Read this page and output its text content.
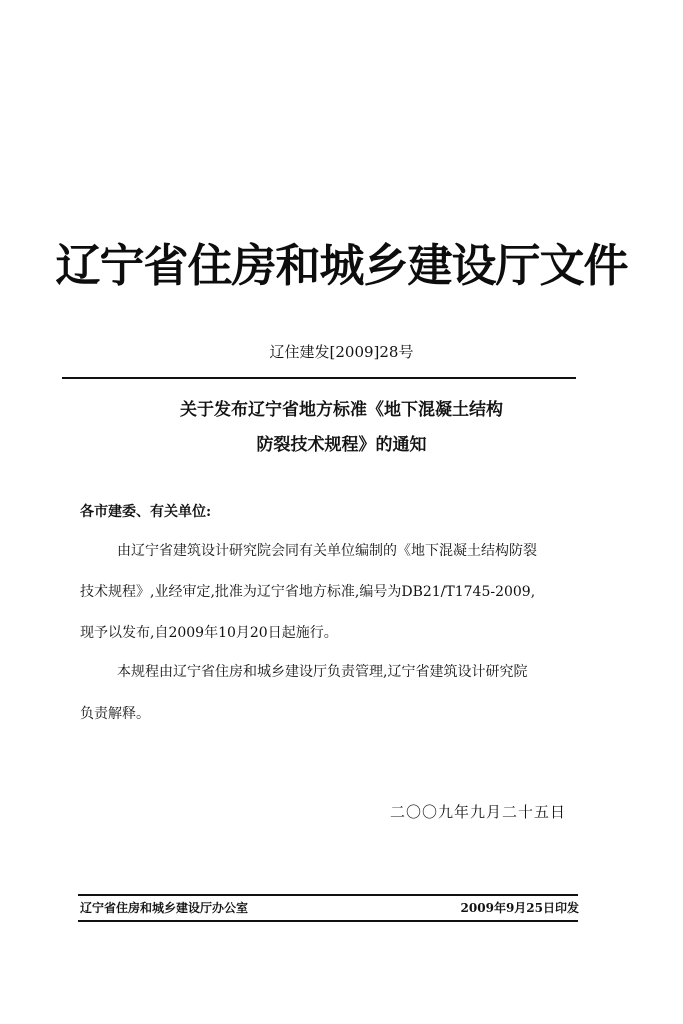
辽宁省住房和城乡建设厅文件
辽住建发[2009]28号
关于发布辽宁省地方标准《地下混凝土结构
防裂技术规程》的通知
各市建委、有关单位:
由辽宁省建筑设计研究院会同有关单位编制的《地下混凝土结构防裂
技术规程》,业经审定,批准为辽宁省地方标准,编号为DB21/T1745-2009,
现予以发布,自2009年10月20日起施行。
本规程由辽宁省住房和城乡建设厅负责管理,辽宁省建筑设计研究院
负责解释。
二〇〇九年九月二十五日
辽宁省住房和城乡建设厅办公室	2009年9月25日印发
